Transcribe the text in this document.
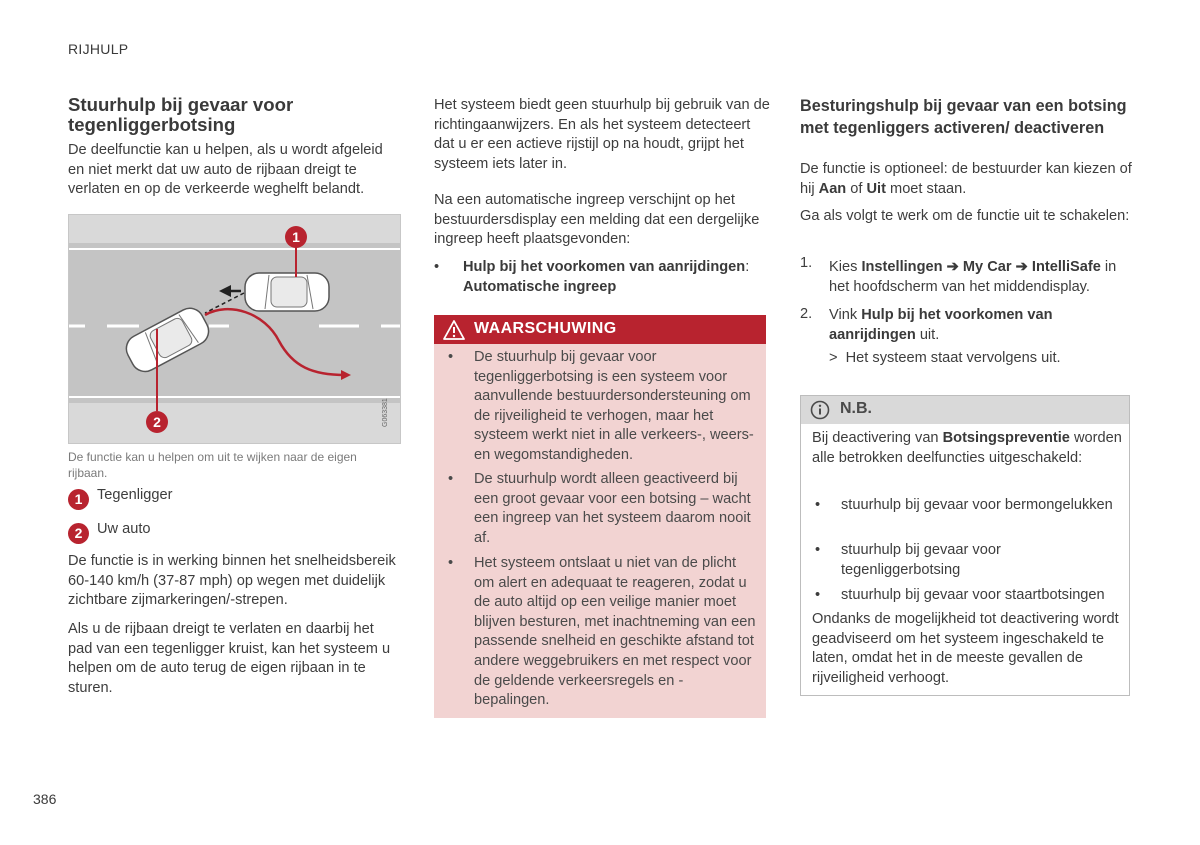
RIJHULP
386
Stuurhulp bij gevaar voor tegenliggerbotsing

De deelfunctie kan u helpen, als u wordt afgeleid en niet merkt dat uw auto de rijbaan dreigt te verlaten en op de verkeerde weghelft belandt.

1
2	G063381

De functie kan u helpen om uit te wijken naar de eigen rijbaan.

1	Tegenligger
2	Uw auto

De functie is in werking binnen het snelheidsbereik 60-140 km/h (37-87 mph) op wegen met duidelijk zichtbare zijmarkeringen/-strepen.

Als u de rijbaan dreigt te verlaten en daarbij het pad van een tegenligger kruist, kan het systeem u helpen om de auto terug de eigen rijbaan in te sturen.

Het systeem biedt geen stuurhulp bij gebruik van de richtingaanwijzers. En als het systeem detecteert dat u er een actieve rijstijl op na houdt, grijpt het systeem iets later in.

Na een automatische ingreep verschijnt op het bestuurdersdisplay een melding dat een dergelijke ingreep heeft plaatsgevonden:

• Hulp bij het voorkomen van aanrijdingen: Automatische ingreep

WAARSCHUWING
• De stuurhulp bij gevaar voor tegenliggerbotsing is een systeem voor aanvullende bestuurdersondersteuning om de rijveiligheid te verhogen, maar het systeem werkt niet in alle verkeers-, weers- en wegomstandigheden.
• De stuurhulp wordt alleen geactiveerd bij een groot gevaar voor een botsing – wacht een ingreep van het systeem daarom nooit af.
• Het systeem ontslaat u niet van de plicht om alert en adequaat te reageren, zodat u de auto altijd op een veilige manier moet blijven besturen, met inachtneming van een passende snelheid en geschikte afstand tot andere weggebruikers en met respect voor de geldende verkeersregels en -bepalingen.
Besturingshulp bij gevaar van een botsing met tegenliggers activeren/ deactiveren

De functie is optioneel: de bestuurder kan kiezen of hij Aan of Uit moet staan.

Ga als volgt te werk om de functie uit te schakelen:

1. Kies Instellingen ➔ My Car ➔ IntelliSafe in het hoofdscherm van het middendisplay.

2. Vink Hulp bij het voorkomen van aanrijdingen uit.

>  Het systeem staat vervolgens uit.
N.B.

Bij deactivering van Botsingspreventie worden alle betrokken deelfuncties uitgeschakeld:

• stuurhulp bij gevaar voor bermongelukken
• stuurhulp bij gevaar voor tegenliggerbotsing
• stuurhulp bij gevaar voor staartbotsingen

Ondanks de mogelijkheid tot deactivering wordt geadviseerd om het systeem ingeschakeld te laten, omdat het in de meeste gevallen de rijveiligheid verhoogt.
